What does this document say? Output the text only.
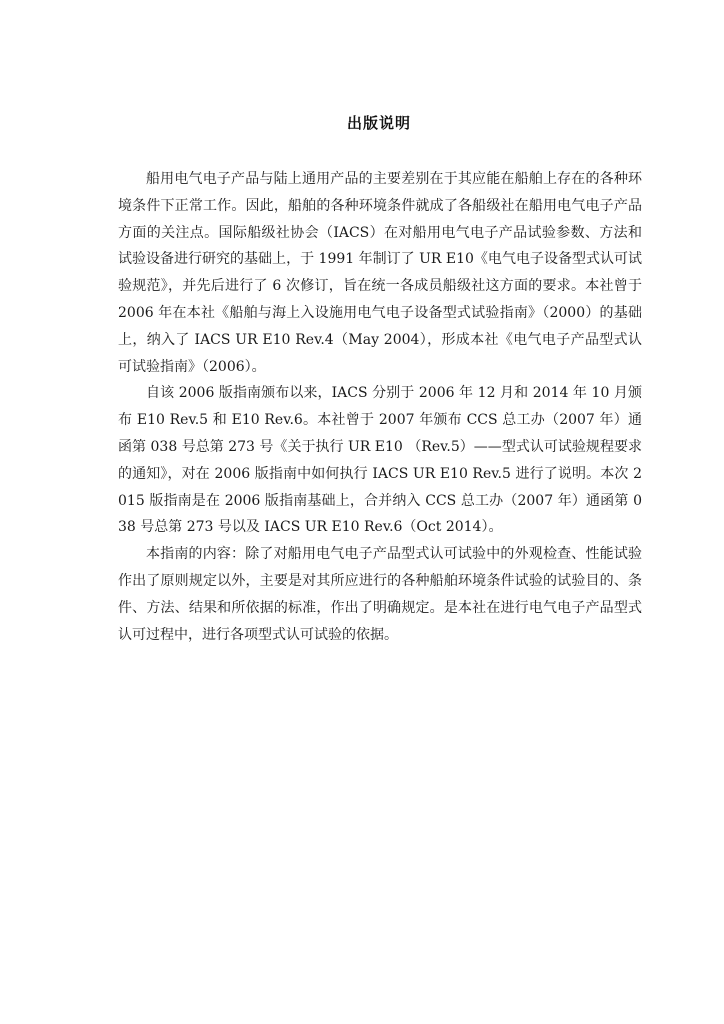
出版说明

船用电气电子产品与陆上通用产品的主要差别在于其应能在船舶上存在的各种环境条件下正常工作。因此，船舶的各种环境条件就成了各船级社在船用电气电子产品方面的关注点。国际船级社协会（IACS）在对船用电气电子产品试验参数、方法和试验设备进行研究的基础上，于 1991 年制订了 UR E10《电气电子设备型式认可试验规范》，并先后进行了 6 次修订，旨在统一各成员船级社这方面的要求。本社曾于 2006 年在本社《船舶与海上入设施用电气电子设备型式试验指南》（2000）的基础上，纳入了 IACS UR E10 Rev.4（May 2004），形成本社《电气电子产品型式认可试验指南》（2006）。

自该 2006 版指南颁布以来，IACS 分别于 2006 年 12 月和 2014 年 10 月颁布 E10 Rev.5 和 E10 Rev.6。本社曾于 2007 年颁布 CCS 总工办（2007 年）通函第 038 号总第 273 号《关于执行 UR E10 （Rev.5）——型式认可试验规程要求的通知》，对在 2006 版指南中如何执行 IACS UR E10 Rev.5 进行了说明。本次 2015 版指南是在 2006 版指南基础上，合并纳入 CCS 总工办（2007 年）通函第 038 号总第 273 号以及 IACS UR E10 Rev.6（Oct 2014）。

本指南的内容：除了对船用电气电子产品型式认可试验中的外观检查、性能试验作出了原则规定以外，主要是对其所应进行的各种船舶环境条件试验的试验目的、条件、方法、结果和所依据的标准，作出了明确规定。是本社在进行电气电子产品型式认可过程中，进行各项型式认可试验的依据。
